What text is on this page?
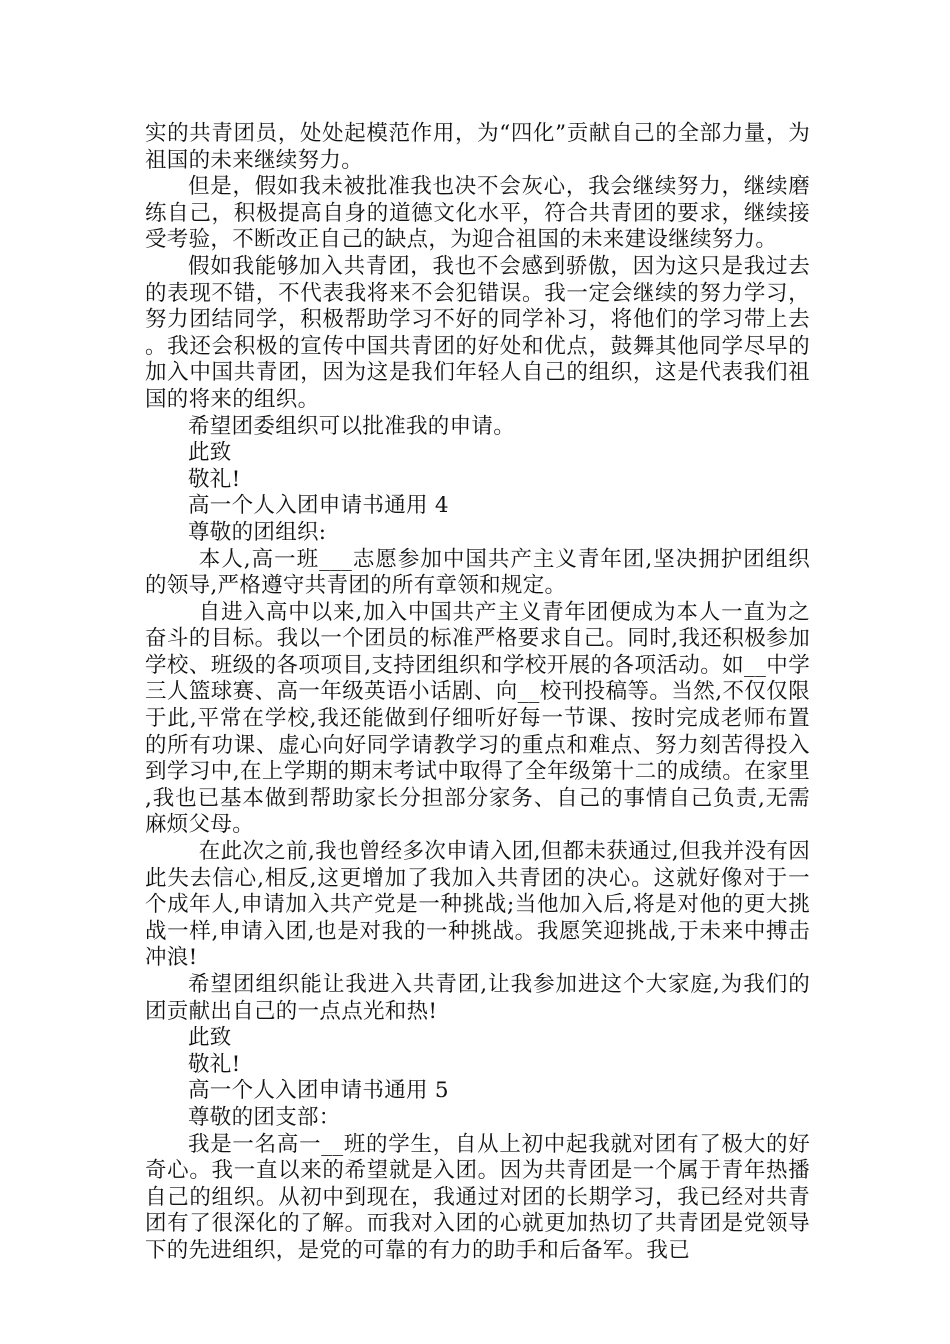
实的共青团员，处处起模范作用，为“四化”贡献自己的全部力量，为祖国的未来继续努力。

但是，假如我未被批准我也决不会灰心，我会继续努力，继续磨练自己，积极提高自身的道德文化水平，符合共青团的要求，继续接受考验，不断改正自己的缺点，为迎合祖国的未来建设继续努力。

假如我能够加入共青团，我也不会感到骄傲，因为这只是我过去的表现不错，不代表我将来不会犯错误。我一定会继续的努力学习，努力团结同学，积极帮助学习不好的同学补习，将他们的学习带上去。我还会积极的宣传中国共青团的好处和优点，鼓舞其他同学尽早的加入中国共青团，因为这是我们年轻人自己的组织，这是代表我们祖国的将来的组织。

希望团委组织可以批准我的申请。

此致

敬礼!

高一个人入团申请书通用 4

尊敬的团组织:

本人,高一班___志愿参加中国共产主义青年团,坚决拥护团组织的领导,严格遵守共青团的所有章领和规定。

自进入高中以来,加入中国共产主义青年团便成为本人一直为之奋斗的目标。我以一个团员的标准严格要求自己。同时,我还积极参加学校、班级的各项项目,支持团组织和学校开展的各项活动。如__中学三人篮球赛、高一年级英语小话剧、向__校刊投稿等。当然,不仅仅限于此,平常在学校,我还能做到仔细听好每一节课、按时完成老师布置的所有功课、虚心向好同学请教学习的重点和难点、努力刻苦得投入到学习中,在上学期的期末考试中取得了全年级第十二的成绩。在家里,我也已基本做到帮助家长分担部分家务、自己的事情自己负责,无需麻烦父母。

在此次之前,我也曾经多次申请入团,但都未获通过,但我并没有因此失去信心,相反,这更增加了我加入共青团的决心。这就好像对于一个成年人,申请加入共产党是一种挑战;当他加入后,将是对他的更大挑战一样,申请入团,也是对我的一种挑战。我愿笑迎挑战,于未来中搏击冲浪!

希望团组织能让我进入共青团,让我参加进这个大家庭,为我们的团贡献出自己的一点点光和热!

此致

敬礼!

高一个人入团申请书通用 5

尊敬的团支部：

我是一名高一__班的学生，自从上初中起我就对团有了极大的好奇心。我一直以来的希望就是入团。因为共青团是一个属于青年热播自己的组织。从初中到现在，我通过对团的长期学习，我已经对共青团有了很深化的了解。而我对入团的心就更加热切了共青团是党领导下的先进组织，是党的可靠的有力的助手和后备军。我已
